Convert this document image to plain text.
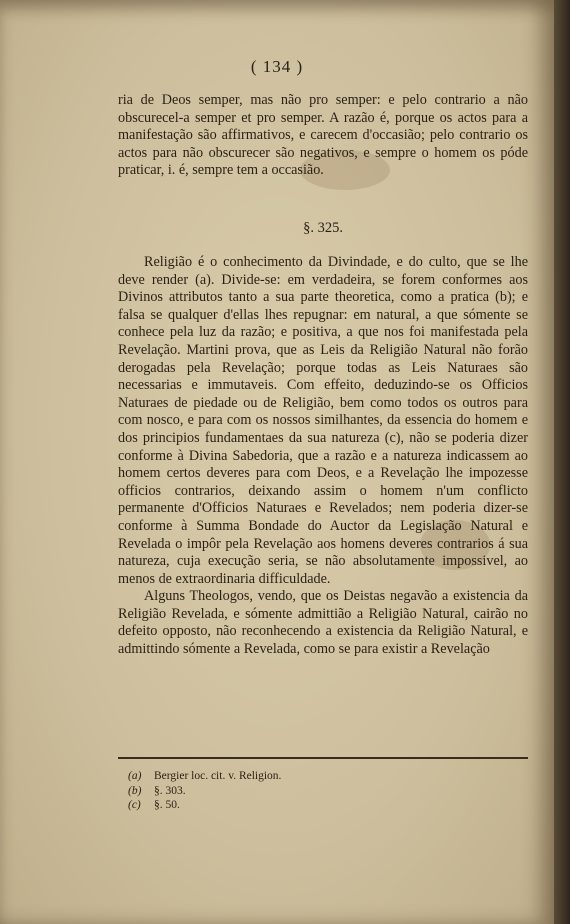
( 134 )

ria de Deos semper, mas não pro semper: e pelo contrario a não obscurecel-a semper et pro semper. A razão é, porque os actos para a manifestação são affirmativos, e carecem d'occasião; pelo contrario os actos para não obscurecer são negativos, e sempre o homem os póde praticar, i. é, sempre tem a occasião.

§. 325.

Religião é o conhecimento da Divindade, e do culto, que se lhe deve render (a). Divide-se: em verdadeira, se forem conformes aos Divinos attributos tanto a sua parte theoretica, como a pratica (b); e falsa se qualquer d'ellas lhes repugnar: em natural, a que sómente se conhece pela luz da razão; e positiva, a que nos foi manifestada pela Revelação. Martini prova, que as Leis da Religião Natural não forão derogadas pela Revelação; porque todas as Leis Naturaes são necessarias e immutaveis. Com effeito, deduzindo-se os Officios Naturaes de piedade ou de Religião, bem como todos os outros para com nosco, e para com os nossos similhantes, da essencia do homem e dos principios fundamentaes da sua natureza (c), não se poderia dizer conforme à Divina Sabedoria, que a razão e a natureza indicassem ao homem certos deveres para com Deos, e a Revelação lhe impozesse officios contrarios, deixando assim o homem n'um conflicto permanente d'Officios Naturaes e Revelados; nem poderia dizer-se conforme à Summa Bondade do Auctor da Legislação Natural e Revelada o impôr pela Revelação aos homens deveres contrarios á sua natureza, cuja execução seria, se não absolutamente impossivel, ao menos de extraordinaria difficuldade.

Alguns Theologos, vendo, que os Deistas negavão a existencia da Religião Revelada, e sómente admittião a Religião Natural, cairão no defeito opposto, não reconhecendo a existencia da Religião Natural, e admittindo sómente a Revelada, como se para existir a Revelação

(a)	Bergier loc. cit. v. Religion.
(b)	§. 303.
(c)	§. 50.
